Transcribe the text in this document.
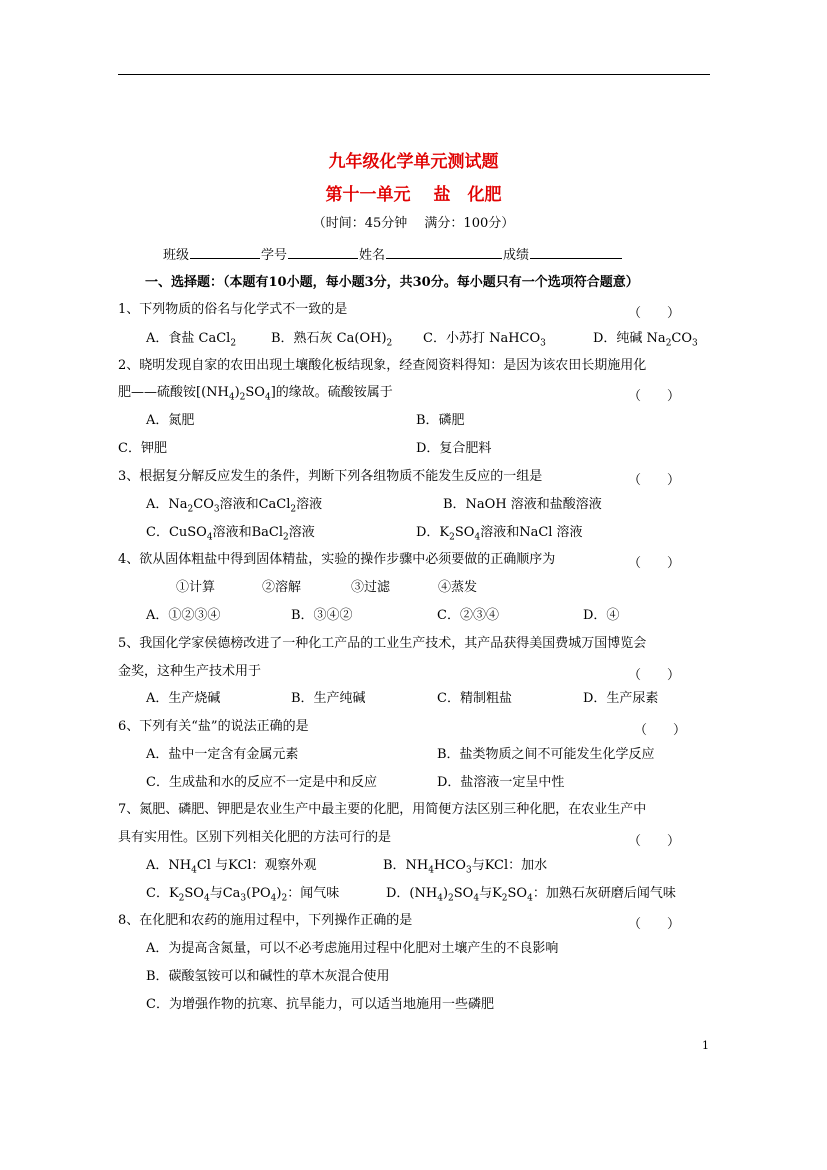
九年级化学单元测试题
第十一单元　 盐　化肥
（时间：45分钟　 满分：100分）
班级	学号	姓名	成绩
一、选择题：（本题有10小题，每小题3分，共30分。每小题只有一个选项符合题意）
1、下列物质的俗名与化学式不一致的是	（　　）
A．食盐 CaCl$_2$	B．熟石灰 $Ca(OH)_2$ C．小苏打 NaHCO$_3$	D．纯碱 $Na_2CO_3$
2、晓明发现自家的农田出现土壤酸化板结现象，经查阅资料得知：是因为该农田长期施用化
肥——硫酸铵$[(NH_4)_2SO_4]$的缘故。硫酸铵属于	（　　）
A．氮肥	B．磷肥
C．钾肥	D．复合肥料
3、根据复分解反应发生的条件，判断下列各组物质不能发生反应的一组是	（　　）
A．$Na_2CO_3$溶液和CaCl$_2$溶液	B．NaOH 溶液和盐酸溶液
C．CuSO$_4$溶液和BaCl$_2$溶液	D．$K_2SO_4$溶液和NaCl 溶液
4、欲从固体粗盐中得到固体精盐，实验的操作步骤中必须要做的正确顺序为	（　　）
①计算	②溶解	③过滤	④蒸发
A．①②③④	B．③④②	C．②③④	D．④
5、我国化学家侯德榜改进了一种化工产品的工业生产技术，其产品获得美国费城万国博览会
金奖，这种生产技术用于	（　　）
A．生产烧碱	B．生产纯碱	C．精制粗盐	D．生产尿素
6、下列有关“盐”的说法正确的是	（　　）
A．盐中一定含有金属元素	B．盐类物质之间不可能发生化学反应
C．生成盐和水的反应不一定是中和反应	D．盐溶液一定呈中性
7、氮肥、磷肥、钾肥是农业生产中最主要的化肥，用简便方法区别三种化肥，在农业生产中
具有实用性。区别下列相关化肥的方法可行的是	（　　）
A．$NH_4Cl$ 与KCl：观察外观	B．$NH_4HCO_3$与KCl：加水
C．$K_2SO_4$与$Ca_3(PO_4)_2$：闻气味	D．$(NH_4)_2SO_4$与$K_2SO_4$：加熟石灰研磨后闻气味
8、在化肥和农药的施用过程中，下列操作正确的是	（　　）
A．为提高含氮量，可以不必考虑施用过程中化肥对土壤产生的不良影响
B．碳酸氢铵可以和碱性的草木灰混合使用
C．为增强作物的抗寒、抗旱能力，可以适当地施用一些磷肥
1
